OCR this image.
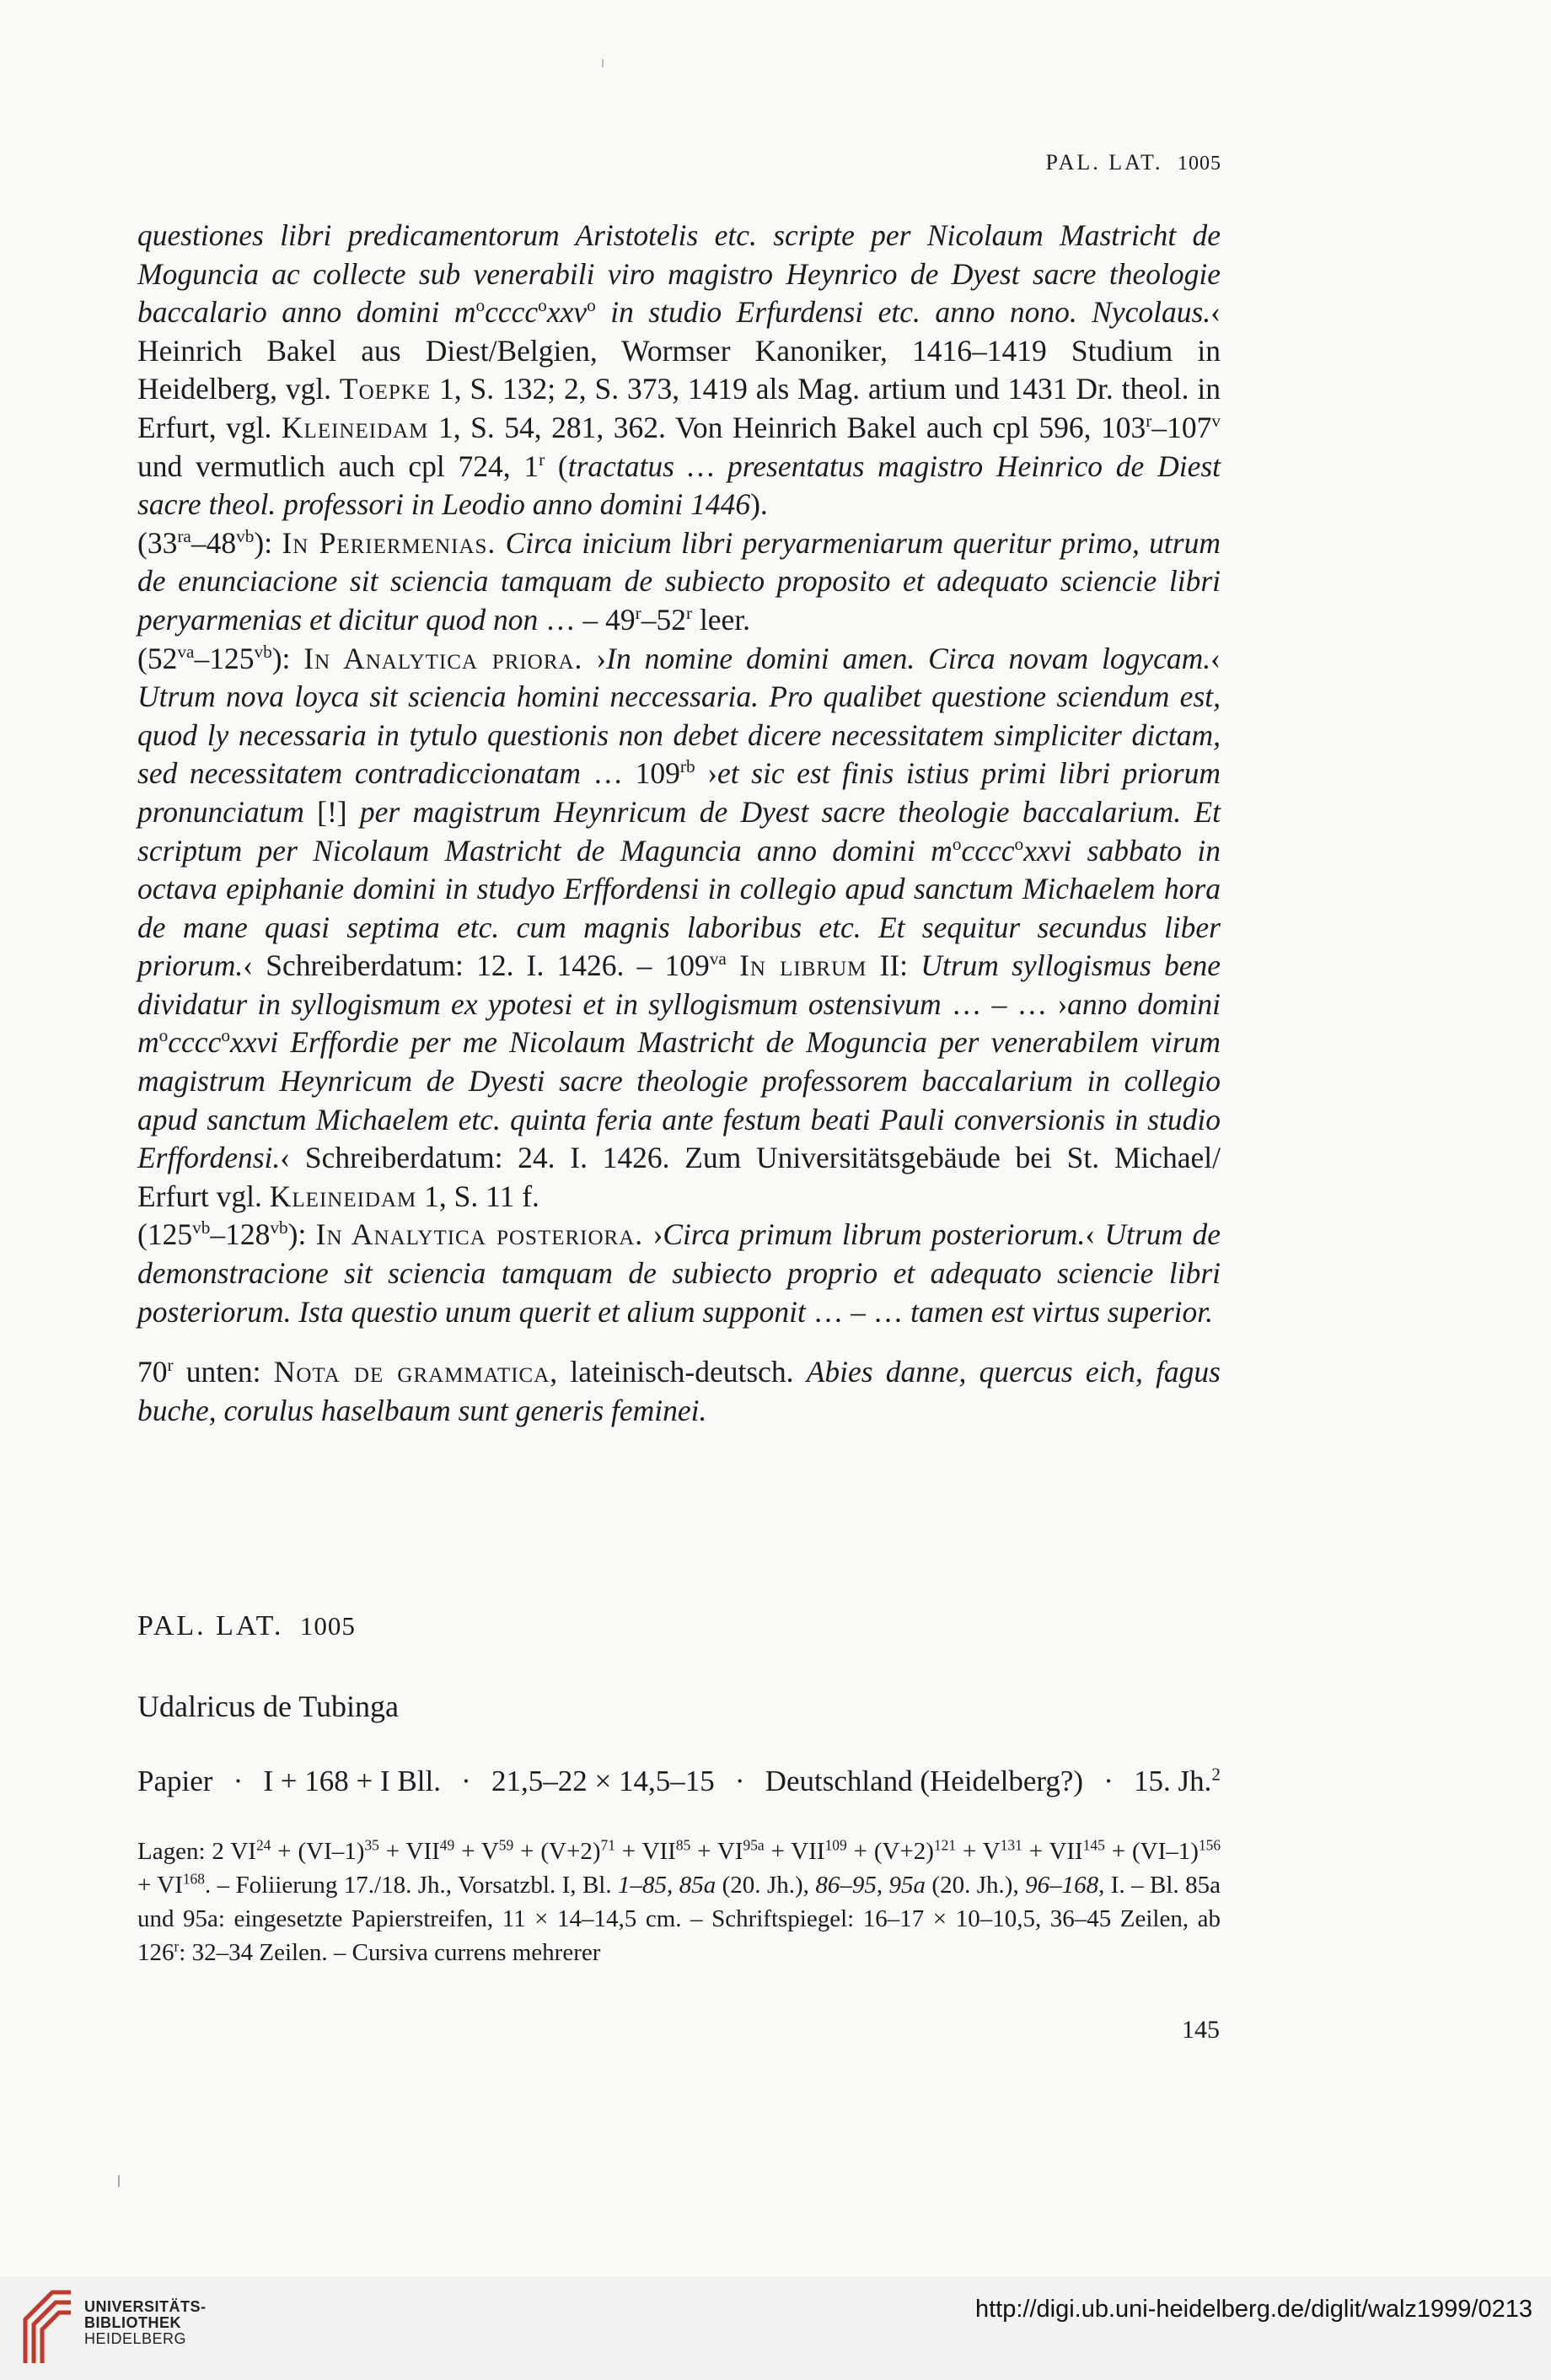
PAL. LAT. 1005

questiones libri predicamentorum Aristotelis etc. scripte per Nicolaum Mastricht de Moguncia ac collecte sub venerabili viro magistro Heynrico de Dyest sacre theologie baccalario anno domini $m^occcc^oxxv^o$ in studio Erfurdensi etc. anno nono. Nycolaus.‹ Heinrich Bakel aus Diest/Belgien, Wormser Kanoniker, 1416–1419 Studium in Heidelberg, vgl. Toepke 1, S. 132; 2, S. 373, 1419 als Mag. artium und 1431 Dr. theol. in Erfurt, vgl. Kleineidam 1, S. 54, 281, 362. Von Heinrich Bakel auch cpl 596, 103$^r$–107$^v$ und vermutlich auch cpl 724, 1$^r$ (tractatus … presentatus magistro Heinrico de Diest sacre theol. professori in Leodio anno domini 1446).

$(33^{ra}-48^{vb})$: In Periermenias. Circa inicium libri peryarmeniarum queritur primo, utrum de enunciacione sit sciencia tamquam de subiecto proposito et adequato sciencie libri peryarmenias et dicitur quod non … – 49$^r$–52$^r$ leer.

$(52^{va}-125^{vb})$: In Analytica priora. ›In nomine domini amen. Circa novam logycam.‹ Utrum nova loyca sit sciencia homini neccessaria. Pro qualibet questione sciendum est, quod ly necessaria in tytulo questionis non debet dicere necessitatem simpliciter dictam, sed necessitatem contradiccionatam … $109^{rb}$ ›et sic est finis istius primi libri priorum pronunciatum [!] per magistrum Heynricum de Dyest sacre theologie baccalarium. Et scriptum per Nicolaum Mastricht de Maguncia anno domini $m^occcc^oxxvi$ sabbato in octava epiphanie domini in studyo Erffordensi in collegio apud sanctum Michaelem hora de mane quasi septima etc. cum magnis laboribus etc. Et sequitur secundus liber priorum.‹ Schreiberdatum: 12. I. 1426. – $109^{va}$ In librum II: Utrum syllogismus bene dividatur in syllogismum ex ypotesi et in syllogismum ostensivum … – … ›anno domini $m^occcc^oxxvi$ Erffordie per me Nicolaum Mastricht de Moguncia per venerabilem virum magistrum Heynricum de Dyesti sacre theologie professorem baccalarium in collegio apud sanctum Michaelem etc. quinta feria ante festum beati Pauli conversionis in studio Erffordensi.‹ Schreiberdatum: 24. I. 1426. Zum Universitätsgebäude bei St. Michael/ Erfurt vgl. Kleineidam 1, S. 11 f.

$(125^{vb}-128^{vb})$: In Analytica posteriora. ›Circa primum librum posteriorum.‹ Utrum de demonstracione sit sciencia tamquam de subiecto proprio et adequato sciencie libri posteriorum. Ista questio unum querit et alium supponit … – … tamen est virtus superior.

70$^r$ unten: Nota de grammatica, lateinisch-deutsch. Abies danne, quercus eich, fagus buche, corulus haselbaum sunt generis feminei.

PAL. LAT. 1005
Udalricus de Tubinga
Papier · I + 168 + I Bll. · 21,5–22 × 14,5–15 · Deutschland (Heidelberg?) · 15. Jh.$^2$
Lagen: 2 $VI^{24} + (VI-1)^{35} + VII^{49} + V^{59} + (V+2)^{71} + VII^{85} + VI^{95a} + VII^{109} + (V+2)^{121} + V^{131} + VII^{145} + (VI-1)^{156} + VI^{168}$. – Foliierung 17./18. Jh., Vorsatzbl. I, Bl. 1–85, 85a (20. Jh.), 86–95, 95a (20. Jh.), 96–168, I. – Bl. 85a und 95a: eingesetzte Papierstreifen, 11 × 14–14,5 cm. – Schriftspiegel: 16–17 × 10–10,5, 36–45 Zeilen, ab 126$^r$: 32–34 Zeilen. – Cursiva currens mehrerer
145
UNIVERSITÄTS-
BIBLIOTHEK
HEIDELBERG
http://digi.ub.uni-heidelberg.de/diglit/walz1999/0213
